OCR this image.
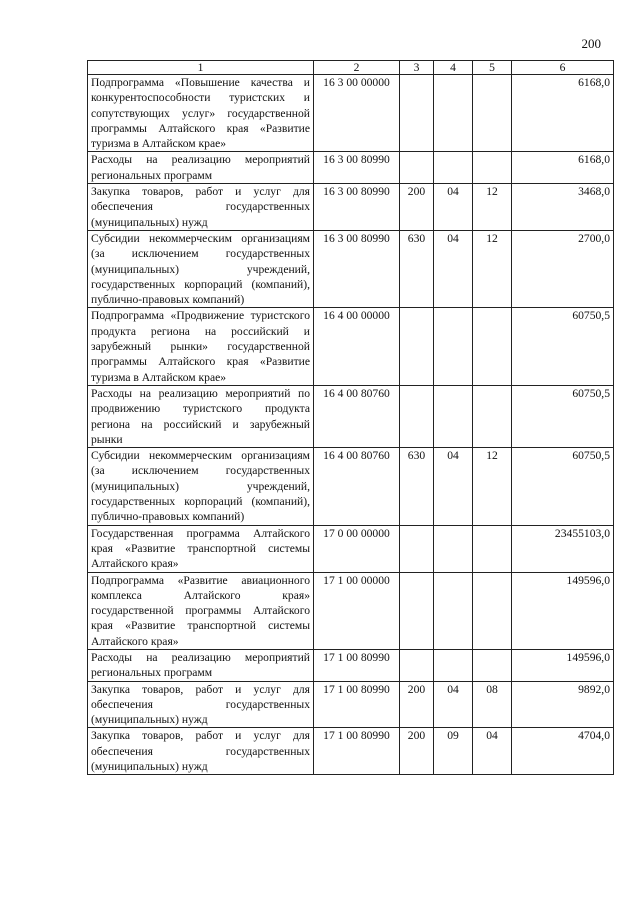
200
1	2	3	4	5	6
Подпрограмма «Повышение качества и конкурентоспособности туристских и сопутствующих услуг» государственной программы Алтайского края «Развитие туризма в Алтайском крае»	16 3 00 00000				6168,0
Расходы на реализацию мероприятий региональных программ	16 3 00 80990				6168,0
Закупка товаров, работ и услуг для обеспечения государственных (муниципальных) нужд	16 3 00 80990	200	04	12	3468,0
Субсидии некоммерческим организациям (за исключением государственных (муниципальных) учреждений, государственных корпораций (компаний), публично-правовых компаний)	16 3 00 80990	630	04	12	2700,0
Подпрограмма «Продвижение туристского продукта региона на российский и зарубежный рынки» государственной программы Алтайского края «Развитие туризма в Алтайском крае»	16 4 00 00000				60750,5
Расходы на реализацию мероприятий по продвижению туристского продукта региона на российский и зарубежный рынки	16 4 00 80760				60750,5
Субсидии некоммерческим организациям (за исключением государственных (муниципальных) учреждений, государственных корпораций (компаний), публично-правовых компаний)	16 4 00 80760	630	04	12	60750,5
Государственная программа Алтайского края «Развитие транспортной системы Алтайского края»	17 0 00 00000				23455103,0
Подпрограмма «Развитие авиационного комплекса Алтайского края» государственной программы Алтайского края «Развитие транспортной системы Алтайского края»	17 1 00 00000				149596,0
Расходы на реализацию мероприятий региональных программ	17 1 00 80990				149596,0
Закупка товаров, работ и услуг для обеспечения государственных (муниципальных) нужд	17 1 00 80990	200	04	08	9892,0
Закупка товаров, работ и услуг для обеспечения государственных (муниципальных) нужд	17 1 00 80990	200	09	04	4704,0
